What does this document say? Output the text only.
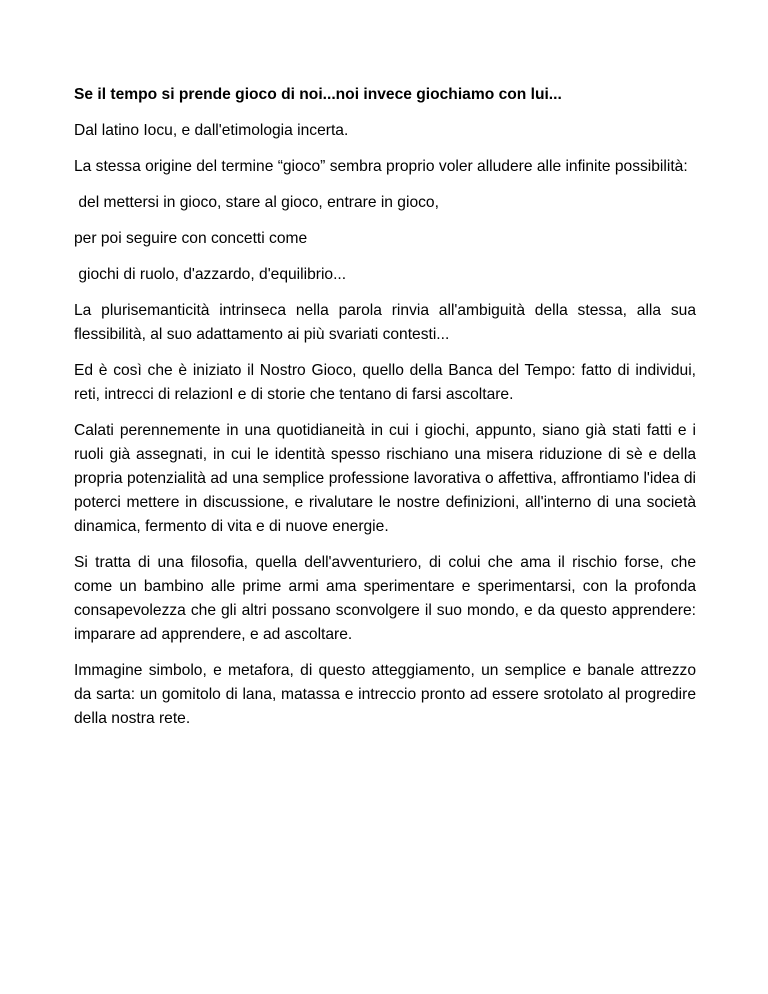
Se il tempo si prende gioco di noi...noi invece giochiamo con lui...

Dal latino Iocu, e dall'etimologia incerta.

La stessa origine del termine “gioco” sembra proprio voler alludere alle infinite possibilità:

del mettersi in gioco, stare al gioco, entrare in gioco,

per poi seguire con concetti come

giochi di ruolo, d'azzardo, d'equilibrio...

La plurisemanticità intrinseca nella parola rinvia all'ambiguità della stessa, alla sua flessibilità, al suo adattamento ai più svariati contesti...

Ed è così che è iniziato il Nostro Gioco, quello della Banca del Tempo: fatto di individui, reti, intrecci di relazionI e di storie che tentano di farsi ascoltare.

Calati perennemente in una quotidianeità in cui i giochi, appunto, siano già stati fatti e i ruoli già assegnati, in cui le identità spesso rischiano una misera riduzione di sè e della propria potenzialità ad una semplice professione lavorativa o affettiva, affrontiamo l'idea di poterci mettere in discussione, e rivalutare le nostre definizioni, all'interno di una società dinamica, fermento di vita e di nuove energie.

Si tratta di una filosofia, quella dell'avventuriero, di colui che ama il rischio forse, che come un bambino alle prime armi ama sperimentare e sperimentarsi, con la profonda consapevolezza che gli altri possano sconvolgere il suo mondo, e da questo apprendere: imparare ad apprendere, e ad ascoltare.

Immagine simbolo, e metafora, di questo atteggiamento, un semplice e banale attrezzo da sarta: un gomitolo di lana, matassa e intreccio pronto ad essere srotolato al progredire della nostra rete.
